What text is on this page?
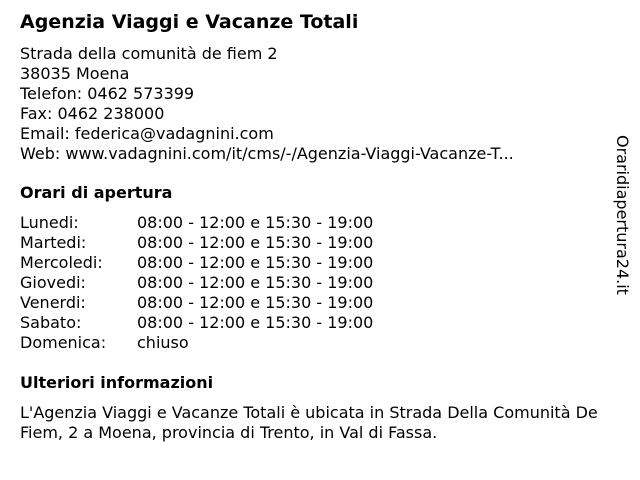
Agenzia Viaggi e Vacanze Totali
Strada della comunità de fiem 2
38035 Moena
Telefon: 0462 573399
Fax: 0462 238000
Email: federica@vadagnini.com
Web: www.vadagnini.com/it/cms/-/Agenzia-Viaggi-Vacanze-T...
Orari di apertura
Lunedi:	08:00 - 12:00 e 15:30 - 19:00
Martedi:	08:00 - 12:00 e 15:30 - 19:00
Mercoledi:	08:00 - 12:00 e 15:30 - 19:00
Giovedi:	08:00 - 12:00 e 15:30 - 19:00
Venerdi:	08:00 - 12:00 e 15:30 - 19:00
Sabato:	08:00 - 12:00 e 15:30 - 19:00
Domenica:	chiuso
Ulteriori informazioni
L'Agenzia Viaggi e Vacanze Totali è ubicata in Strada Della Comunità De Fiem, 2 a Moena, provincia di Trento, in Val di Fassa.
Oraridiapertura24.it
